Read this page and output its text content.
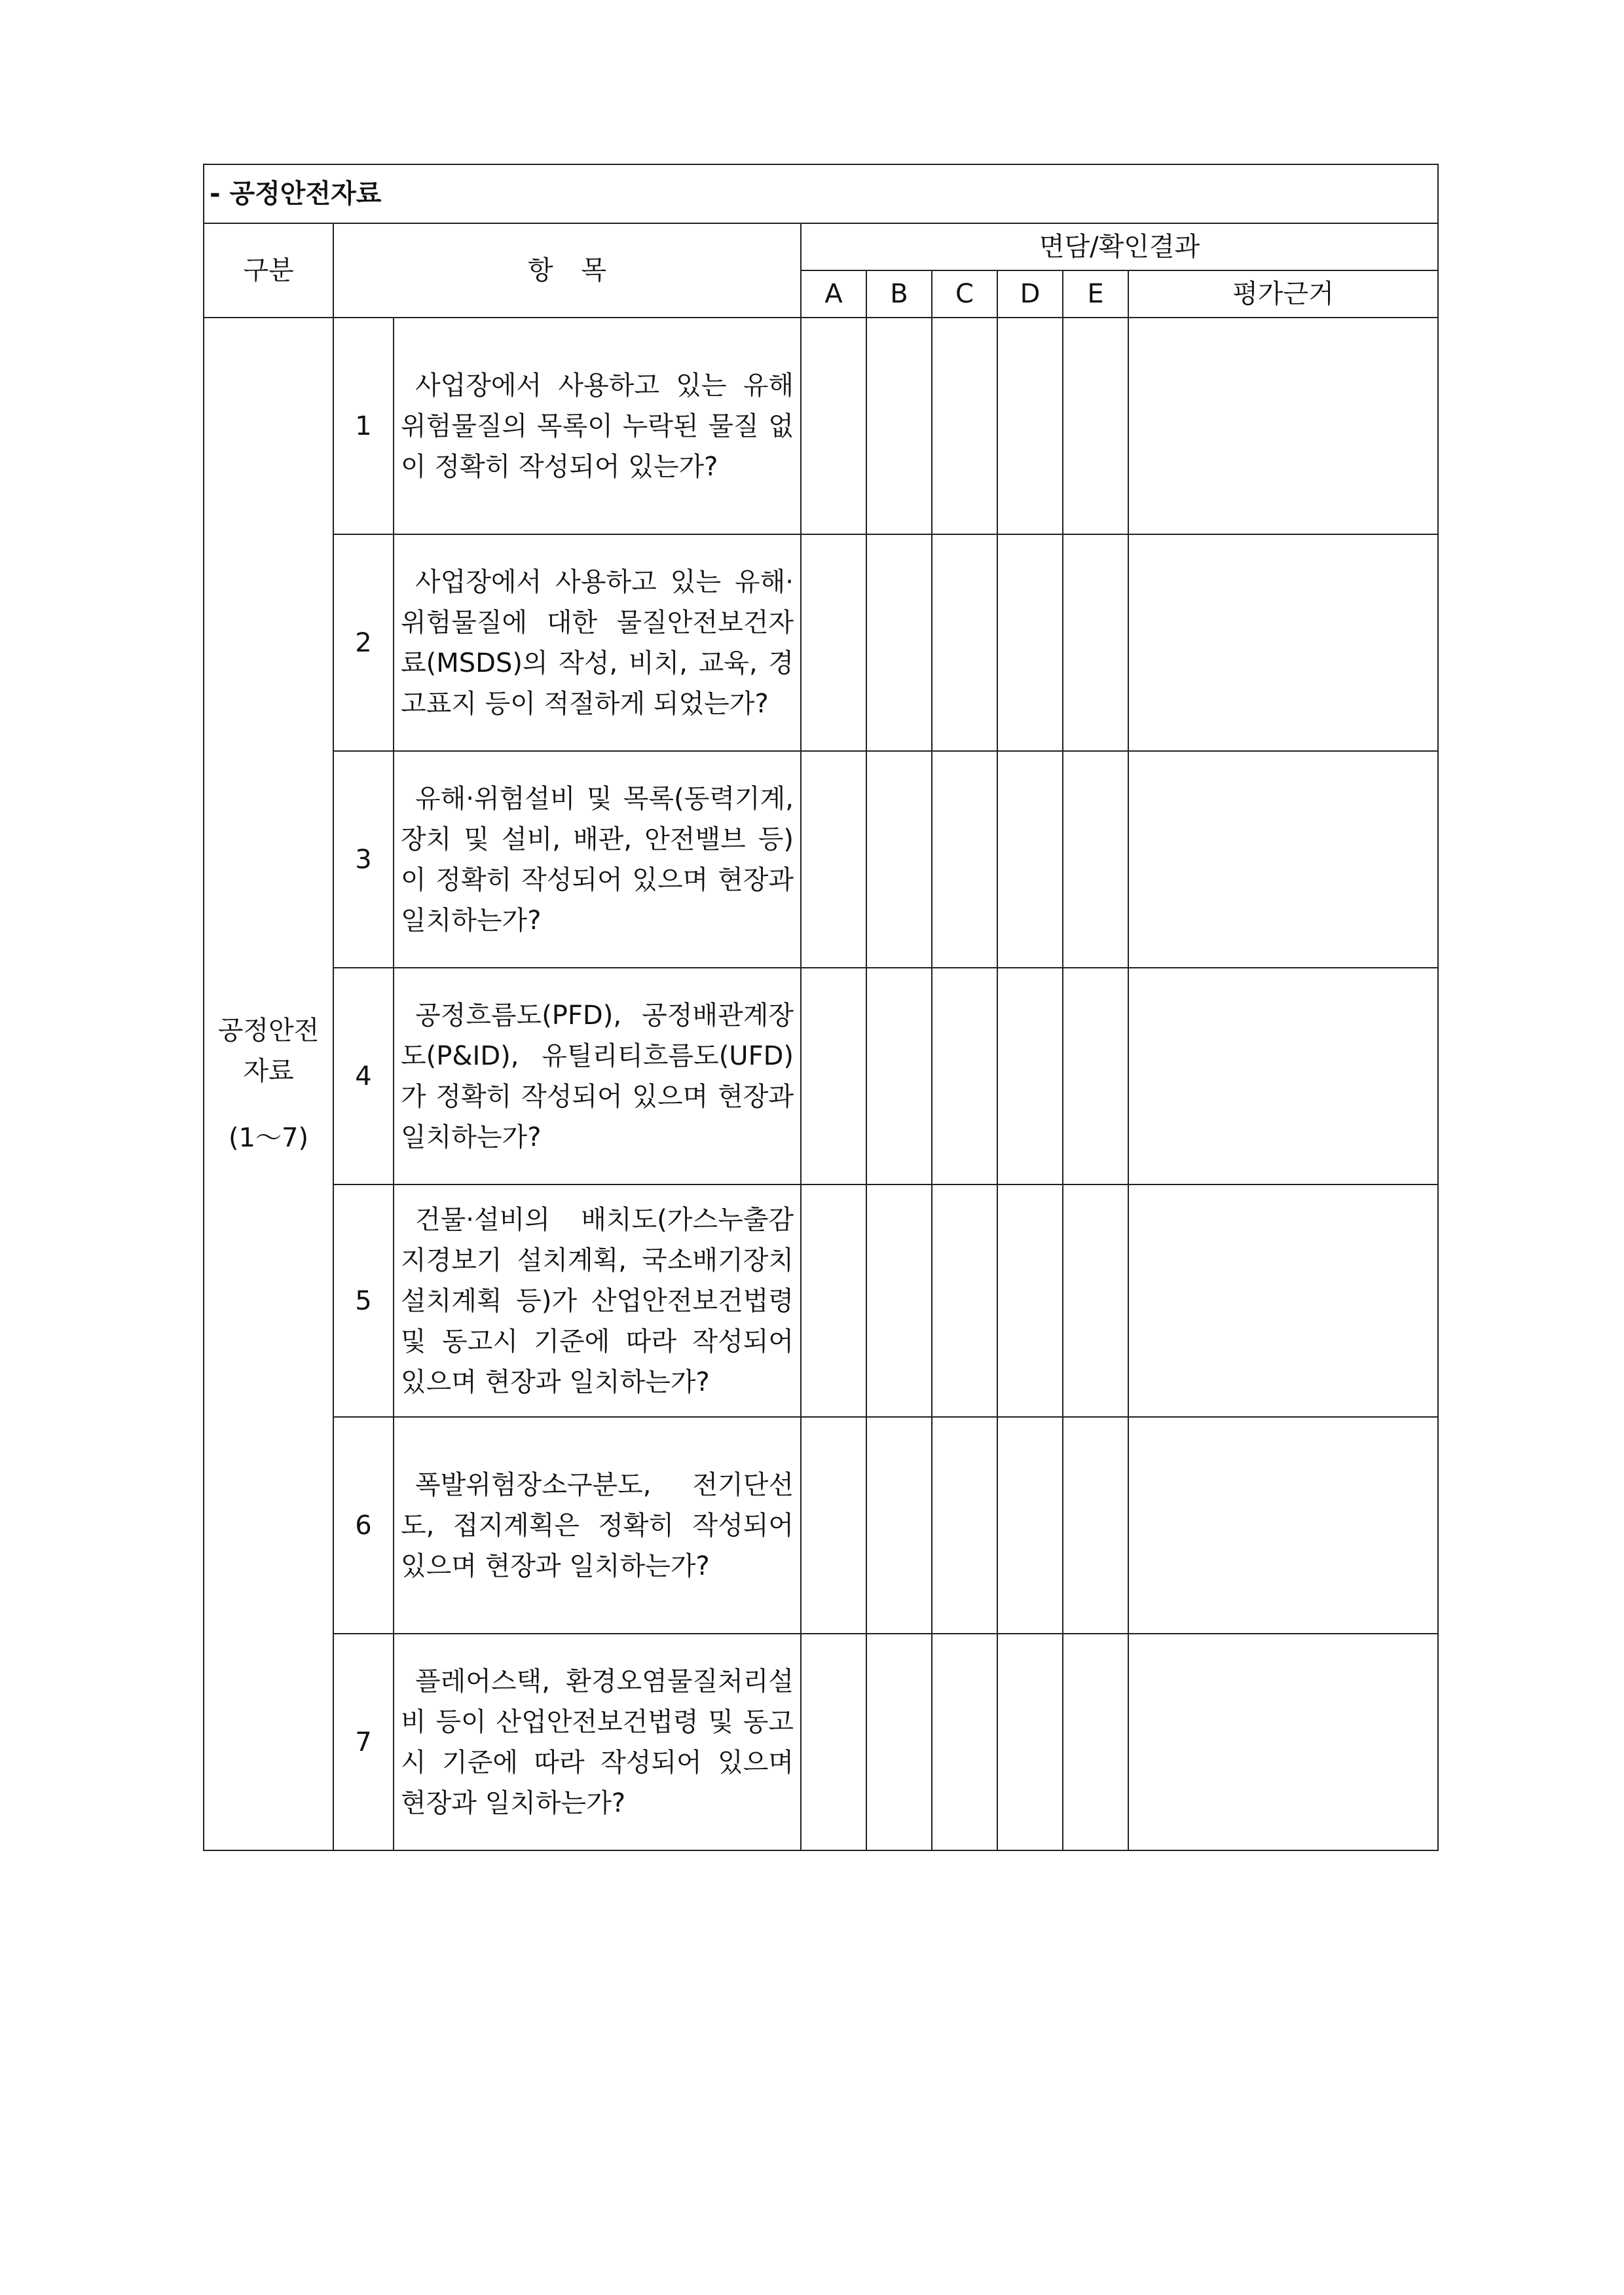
- 공정안전자료								
구분	항 목		면담/확인결과					
			A	B	C	D	E	평가근거

공정안전
자료
(1～7)	1	사업장에서 사용하고 있는 유해위험물질의 목록이 누락된 물질 없이 정확히 작성되어 있는가?						

	2	사업장에서 사용하고 있는 유해·위험물질에 대한 물질안전보건자료(MSDS)의 작성, 비치, 교육, 경고표지 등이 적절하게 되었는가?						

	3	유해·위험설비 및 목록(동력기계, 장치 및 설비, 배관, 안전밸브 등)이 정확히 작성되어 있으며 현장과 일치하는가?						

	4	공정흐름도(PFD), 공정배관계장도(P&ID), 유틸리티흐름도(UFD)가 정확히 작성되어 있으며 현장과 일치하는가?						

	5	건물·설비의 배치도(가스누출감지경보기 설치계획, 국소배기장치 설치계획 등)가 산업안전보건법령 및 동고시 기준에 따라 작성되어 있으며 현장과 일치하는가?						

	6	폭발위험장소구분도, 전기단선도, 접지계획은 정확히 작성되어 있으며 현장과 일치하는가?						

	7	플레어스택, 환경오염물질처리설비 등이 산업안전보건법령 및 동고시 기준에 따라 작성되어 있으며 현장과 일치하는가?						
